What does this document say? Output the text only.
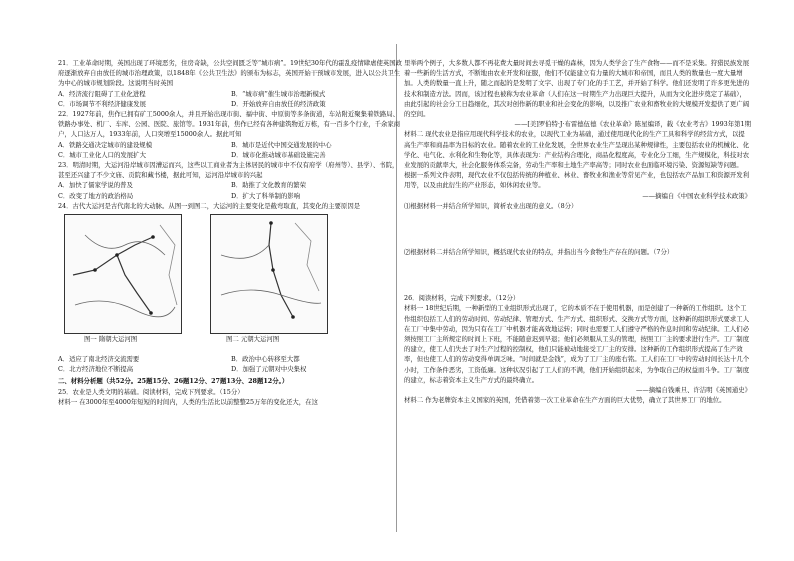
21．工业革命时期，英国出现了环境恶劣，住房奇缺，公共空间匮乏等“城市病”。19世纪30年代的霍乱疫情肆虐使英国政府逐渐放弃自由放任的城市治理政策，以1848年《公共卫生法》的颁布为标志，英国开始干预城市发展，进入以公共卫生为中心的城市规划阶段。这说明当时英国

A．经济流行阻碍了工业化进程	B．“城市病”催生城市治理新模式
C．市场调节不利经济健康发展	D．开始放弃自由放任的经济政策

22．1927年前，焦作已拥有矿工5000余人，并且开始出现市街、福中街、中原街等多条街道，车站附近聚集着铁路局、铁路办事处、机厂、车库、公园、医院、旅馆等。1931年前，焦作已经有各种建筑物近万栋，有一百多个行业，千余家商户，人口达万人，1933年前，人口突增至15000余人。据此可知

A．铁路交通决定城市的建设规模	B．城市是近代中国交通发展的中心
C．城市工业化人口的发展扩大	D．城市化推动城市基础设施完善

23．明清时期，大运河沿岸城市因漕运而兴，这些以工商业者为主体居民的城市中不仅有府学（府州等）、县学）、书院，甚至还兴建了不少文庙、贡院和藏书楼，据此可知，运河沿岸城市的兴起

A．加快了儒家学说的普及	B．助推了文化教育的繁荣
C．改变了地方的政治格局	D．扩大了科举制的影响

24．古代大运河是古代南北的大动脉。从图一到图二，大运河的主要变化是截弯取直，其变化的主要原因是

图一 隋朝大运河图	图二 元朝大运河图
A．适应了南北经济交流需要	B．政治中心转移至大都
C．北方经济地位不断提高	D．加强了元朝对中央集权

二、材料分析题（共52分。25题15分、26题12分、27题13分、28题12分。）

25．农业是人类文明的基础。阅读材料，完成下列要求。（15分）

材料一 在3000年至4000年短短的时间内，人类的生活比以前整整25万年的变化还大，在这

里举两个例子，大多数人都不再花费大量时间去寻觅干燥的森林，因为人类学会了生产食物——而不是采集。狩猎民族发展着一些新的生活方式，不断地由农业开发和征服，他们不仅能建立有力量的大城市和帝国，而且人类的数量也一度大量增加。人类的数量一直上升，随之而起的是发明了文字、出现了专门化的手工艺，并开始了科学。他们还发明了许多更先进的技术和制造方法。因而，该过程也被称为农业革命（人们在这一时期生产力出现巨大提升，从而为文化进步奠定了基础），由此引起的社会分工日趋细化，其次对创作新的职业和社会变化的影响，以及推广农业和畜牧业的大规模开发提供了更广阔的空间。

——[美]罗伯特·J·布雷德伍德《农业革命》陈星编译，载《农业考古》1993年第1期

材料二 现代农业是指应用现代科学技术的农业，以现代工业为基础，通过使用现代化的生产工具和科学的经营方式，以提高生产率和商品率为目标的农业。随着农业的工业化发展，全世界农业生产呈现出某种规律性，主要包括农业的机械化、化学化、电气化、水利化和生物化等，具体表现为：产业结构合理化，商品化程度高，专业化分工细，生产规模化，科技对农业发展的贡献率大，社会化服务体系完备，劳动生产率和土地生产率高等；同时农业也面临环境污染、资源短缺等问题。

根据一系列文件表明，现代农业不仅包括传统的种植业、林业、畜牧业和渔业等常见产业，也包括农产品加工和资源开发利用等，以及由此衍生的产业形态，如休闲农业等。

——摘编自《中国农业科学技术政策》

⑴根据材料一并结合所学知识，简析农业出现的意义。（8分）

⑵根据材料二并结合所学知识，概括现代农业的特点，并指出当今食物生产存在的问题。（7分）

26．阅读材料，完成下列要求。（12分）

材料一 18世纪后期，一种新型的工业组织形式出现了，它的本质不在于使用机器，而是创建了一种新的工作组织。这个工作组织包括工人们的劳动时间、劳动纪律、管理方式、生产方式、组织形式、交换方式等方面，这种新的组织形式要求工人在工厂中集中劳动，因为只有在工厂中机器才能高效地运转；同时也需要工人们遵守严格的作息时间和劳动纪律。工人们必须按照工厂主所规定的时间上下班，不能随意迟到早退；他们必须服从工头的管理，按照工厂主的要求进行生产。工厂制度的建立，使工人们失去了对生产过程的控制权，他们只能被动地接受工厂主的安排。这种新的工作组织形式提高了生产效率，但也使工人们的劳动变得单调乏味。“时间就是金钱”，成为了工厂主的座右铭。工人们在工厂中的劳动时间长达十几个小时，工作条件恶劣，工资低廉。这种状况引起了工人们的不满，他们开始组织起来，为争取自己的权益而斗争。工厂制度的建立，标志着资本主义生产方式的最终确立。

——摘编自钱乘旦、许洁明《英国通史》

材料二 作为老牌资本主义国家的英国，凭借着第一次工业革命在生产方面的巨大优势，确立了其世界工厂的地位。
